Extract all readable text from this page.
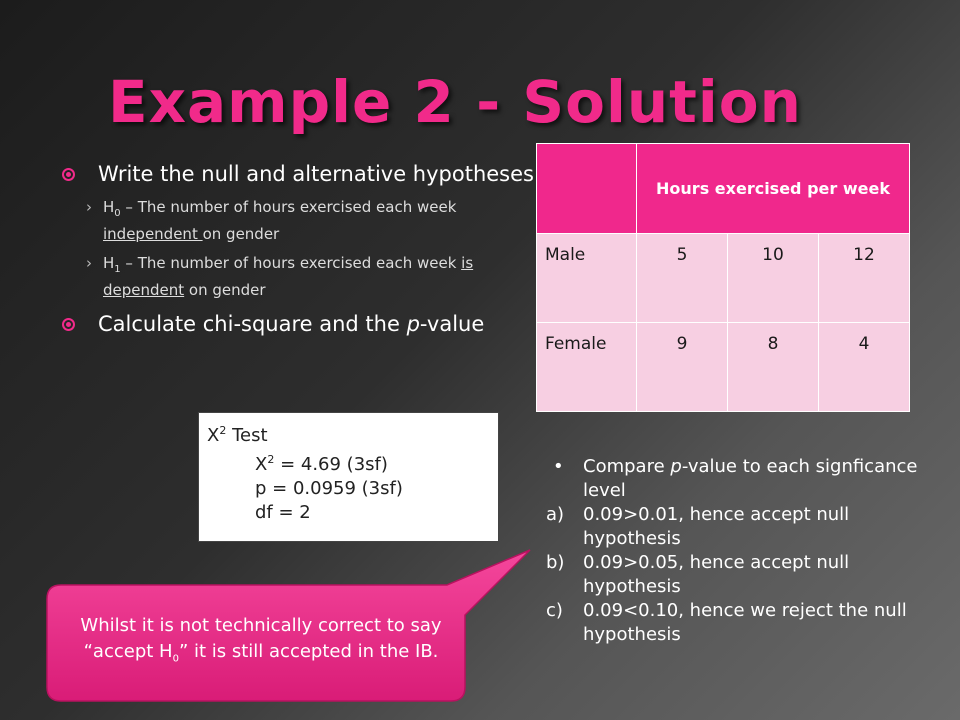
Example 2 - Solution
Write the null and alternative hypotheses
› $H_0$ – The number of hours exercised each week independent on gender
› $H_1$ – The number of hours exercised each week is dependent on gender
Calculate chi-square and the p-value
	Hours exercised per week		
Male	5	10	12
Female	9	8	4
$X^2$ Test
$X^2 = 4.69$ (3sf)
p = 0.0959 (3sf)
df = 2
• Compare p-value to each signficance level
a) 0.09>0.01, hence accept null hypothesis
b) 0.09>0.05, hence accept null hypothesis
c) 0.09<0.10, hence we reject the null hypothesis
Whilst it is not technically correct to say “accept $H_0$” it is still accepted in the IB.
